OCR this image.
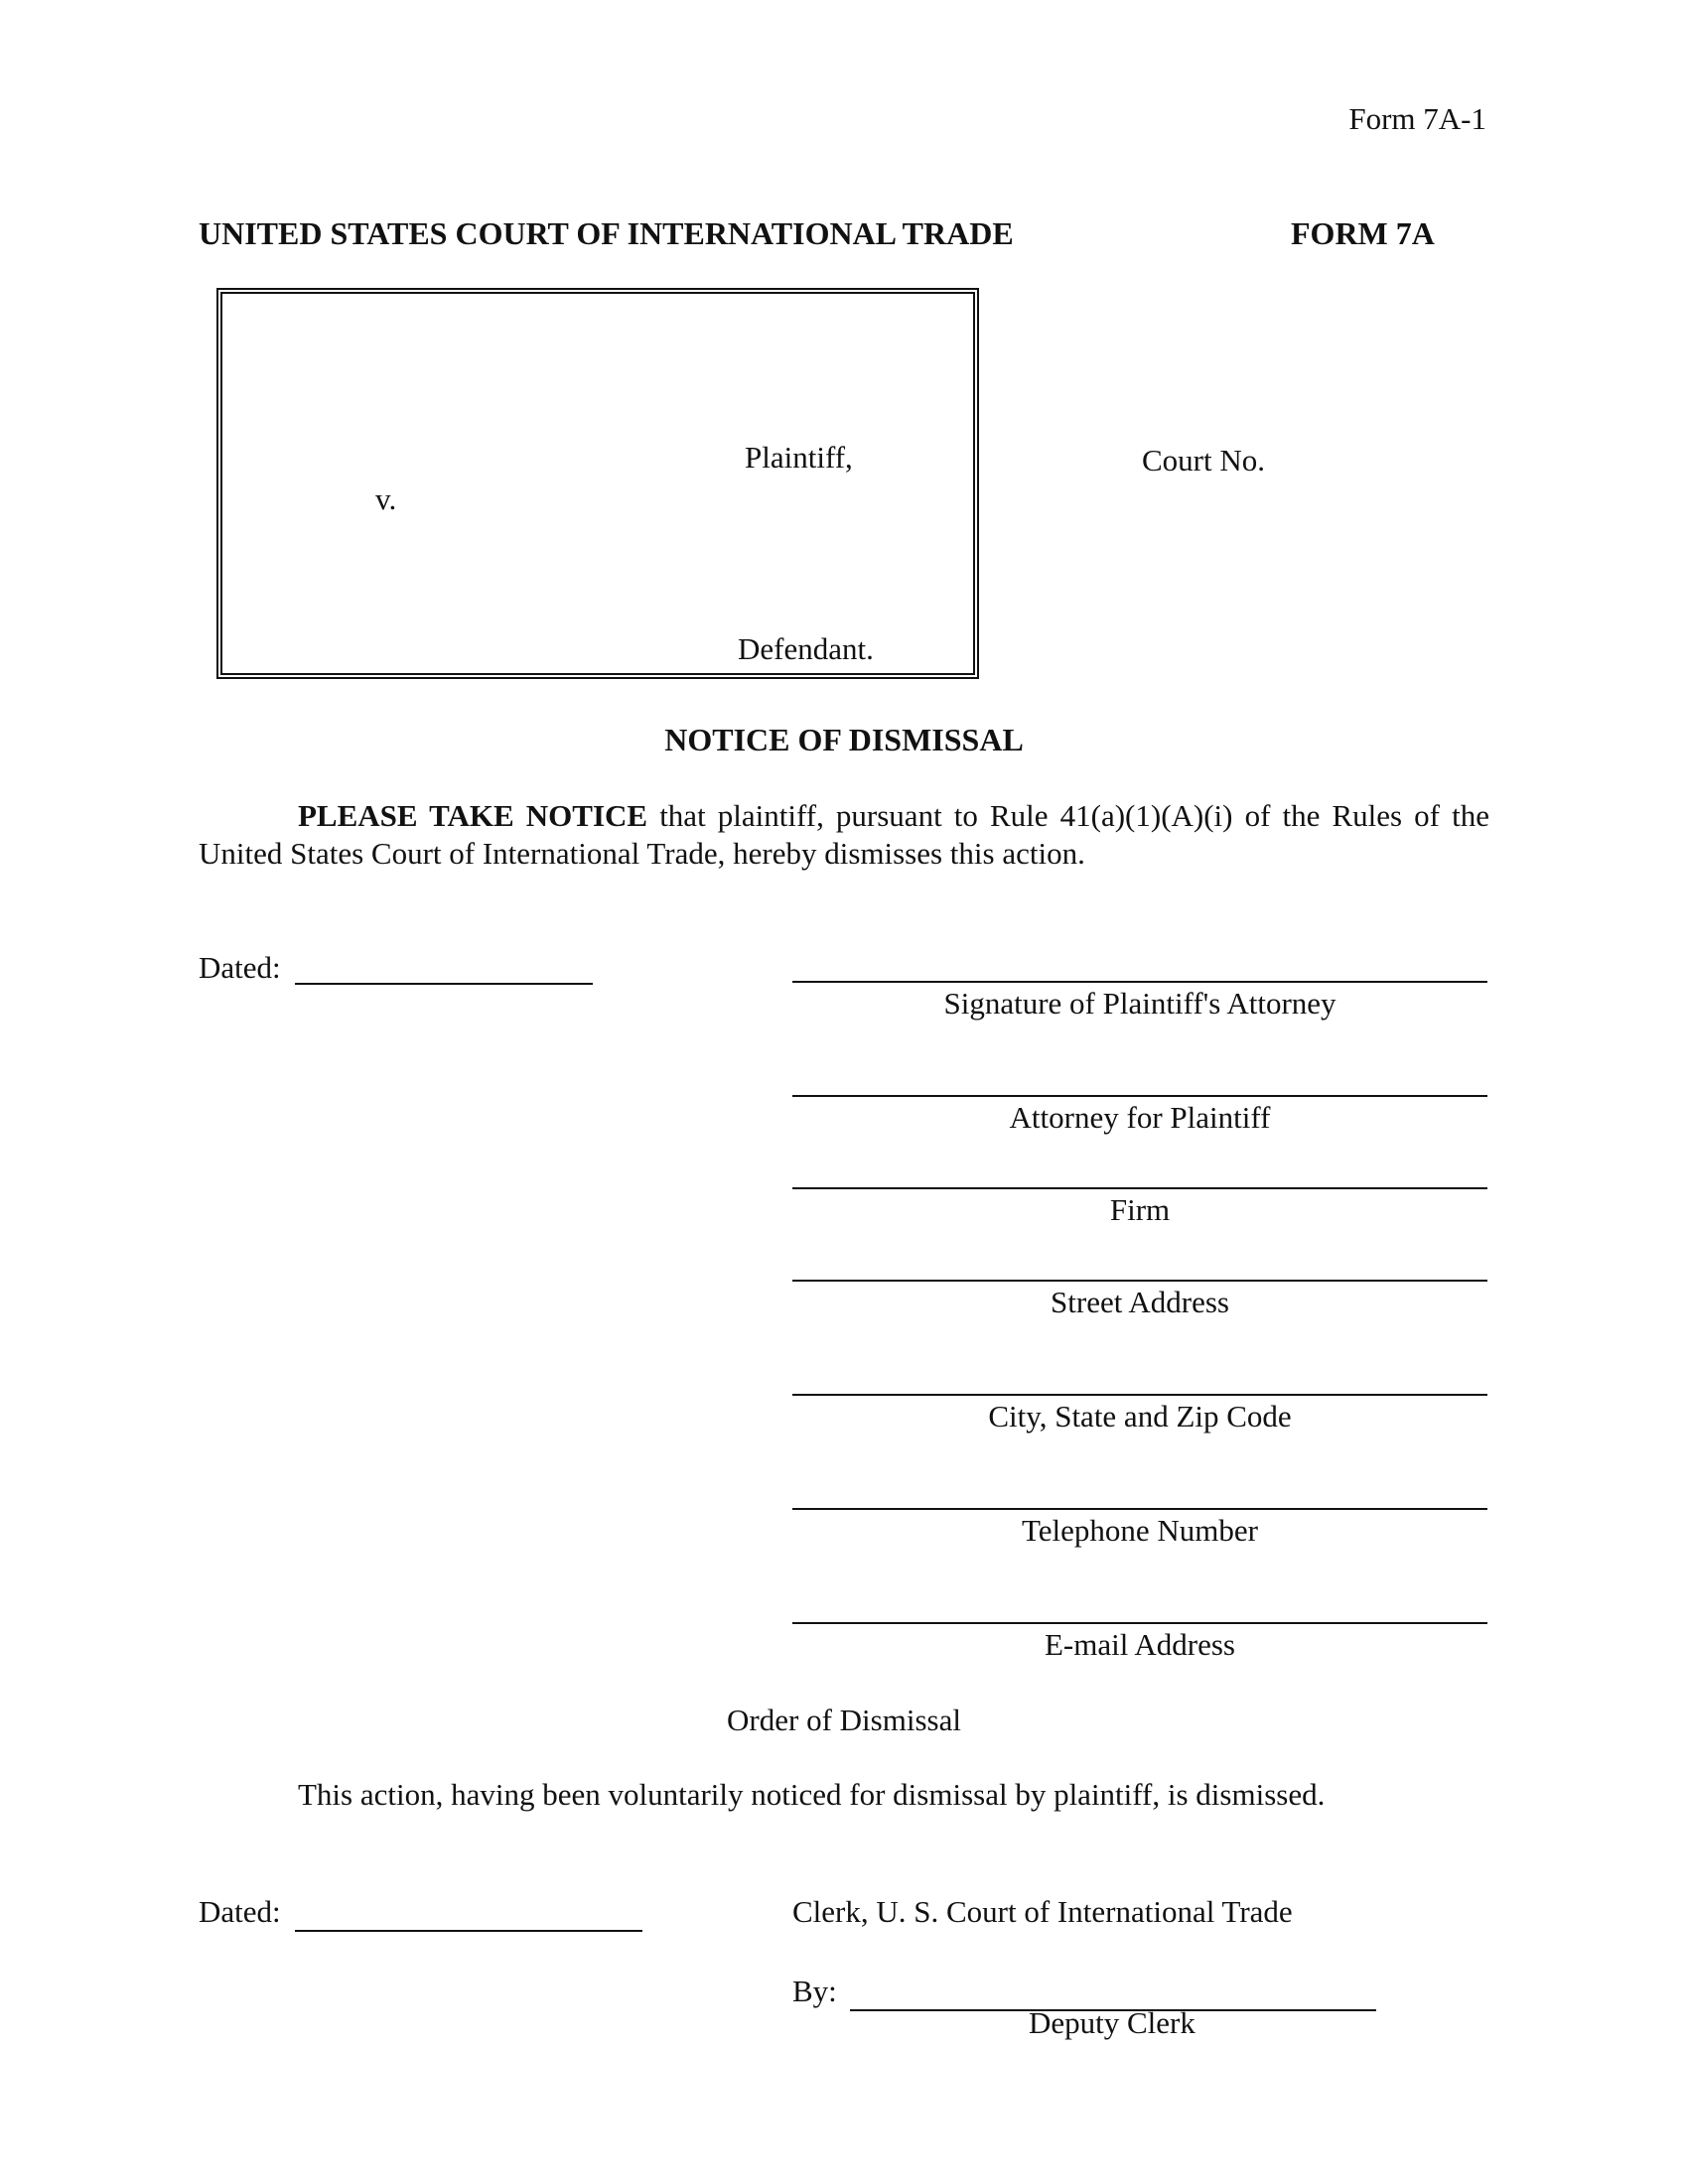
Form 7A-1
UNITED STATES COURT OF INTERNATIONAL TRADE	FORM 7A
Plaintiff,
v.
Defendant.
Court No.
NOTICE OF DISMISSAL
PLEASE TAKE NOTICE that plaintiff, pursuant to Rule 41(a)(1)(A)(i) of the Rules of the United States Court of International Trade, hereby dismisses this action.
Dated:
Signature of Plaintiff's Attorney
Attorney for Plaintiff
Firm
Street Address
City, State and Zip Code
Telephone Number
E-mail Address
Order of Dismissal
This action, having been voluntarily noticed for dismissal by plaintiff, is dismissed.
Dated:	Clerk, U. S. Court of International Trade
By:
Deputy Clerk
